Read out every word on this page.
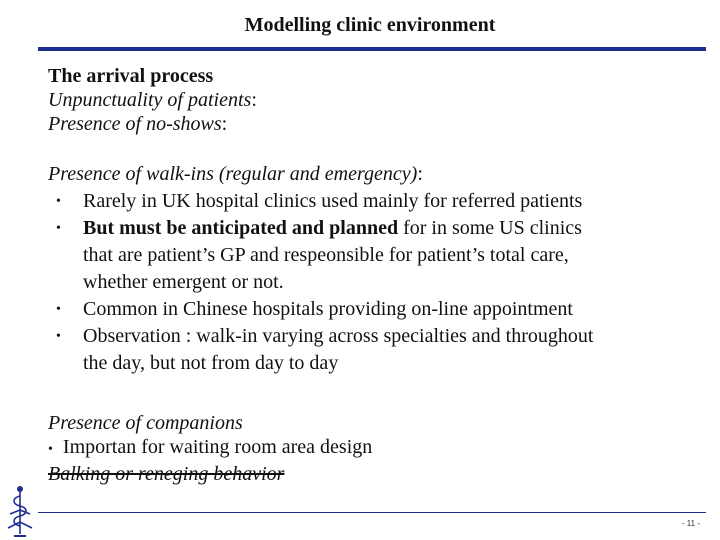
Modelling clinic environment
The arrival process
Unpunctuality of patients:
Presence of no-shows:
Presence of walk-ins (regular and emergency):
• Rarely in UK hospital clinics used mainly for referred patients
• But must be anticipated and planned for in some US clinics
that are patient’s GP and respeonsible for patient’s total care,
whether emergent or not.
• Common in Chinese hospitals providing on-line appointment
• Observation : walk-in varying across specialties and throughout
the day, but not from day to day
Presence of companions
• Importan for waiting room area design
Balking or reneging behavior
- 11 -
